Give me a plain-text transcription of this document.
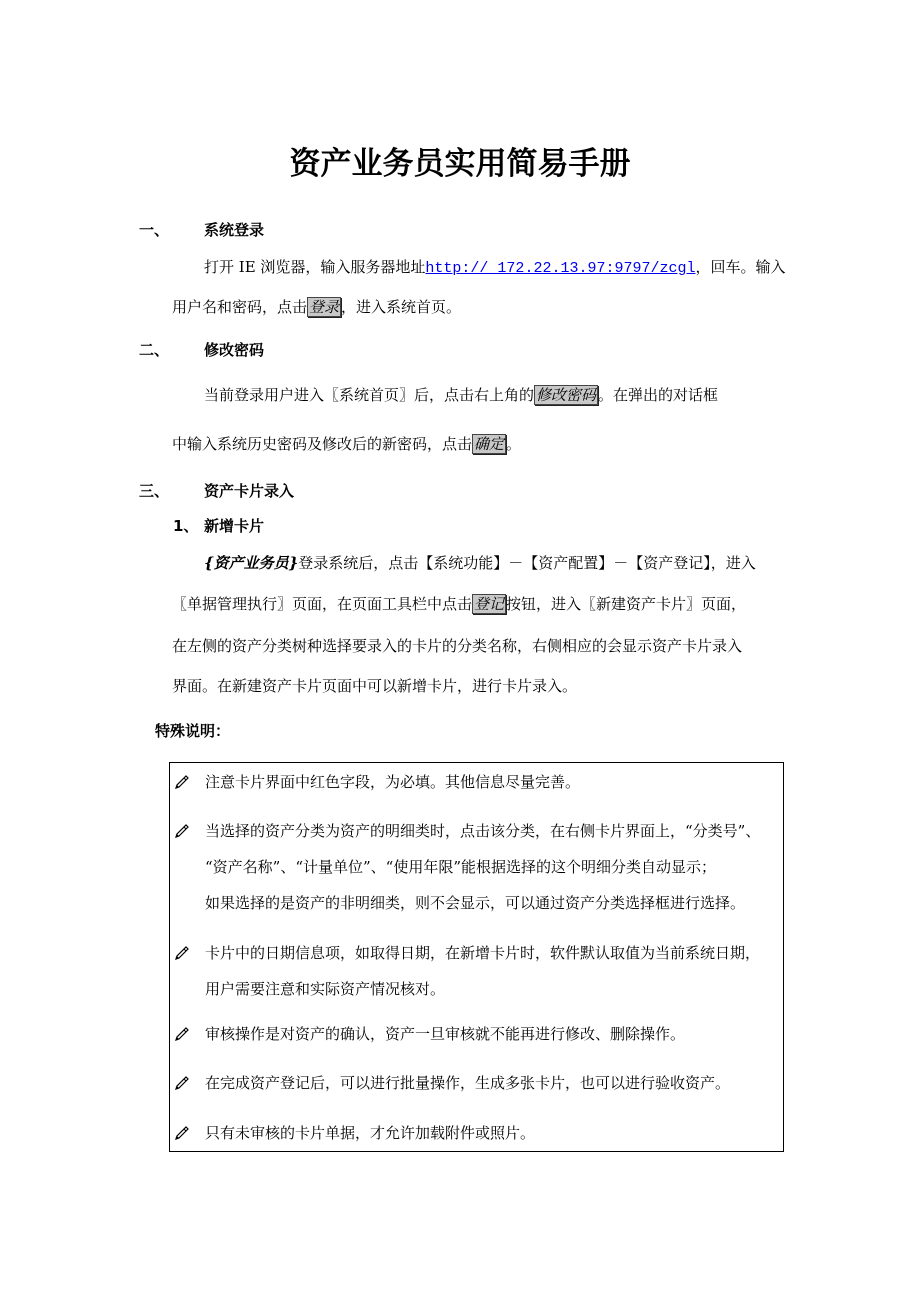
资产业务员实用简易手册
一、 系统登录
打开 IE 浏览器，输入服务器地址http:// 172.22.13.97:9797/zcgl，回车。输入
用户名和密码，点击 登录 ，进入系统首页。
二、 修改密码
当前登录用户进入〖系统首页〗后，点击右上角的 修改密码 。在弹出的对话框
中输入系统历史密码及修改后的新密码，点击 确定 。
三、 资产卡片录入
1、 新增卡片
{资产业务员}登录系统后，点击【系统功能】－【资产配置】－【资产登记】，进入
〖单据管理执行〗页面，在页面工具栏中点击 登记 按钮，进入〖新建资产卡片〗页面，
在左侧的资产分类树种选择要录入的卡片的分类名称，右侧相应的会显示资产卡片录入
界面。在新建资产卡片页面中可以新增卡片，进行卡片录入。
特殊说明：
注意卡片界面中红色字段，为必填。其他信息尽量完善。
当选择的资产分类为资产的明细类时，点击该分类，在右侧卡片界面上，“分类号”、
“资产名称”、“计量单位”、“使用年限”能根据选择的这个明细分类自动显示；
如果选择的是资产的非明细类，则不会显示，可以通过资产分类选择框进行选择。
卡片中的日期信息项，如取得日期，在新增卡片时，软件默认取值为当前系统日期，
用户需要注意和实际资产情况核对。
审核操作是对资产的确认，资产一旦审核就不能再进行修改、删除操作。
在完成资产登记后，可以进行批量操作，生成多张卡片，也可以进行验收资产。
只有未审核的卡片单据，才允许加载附件或照片。
